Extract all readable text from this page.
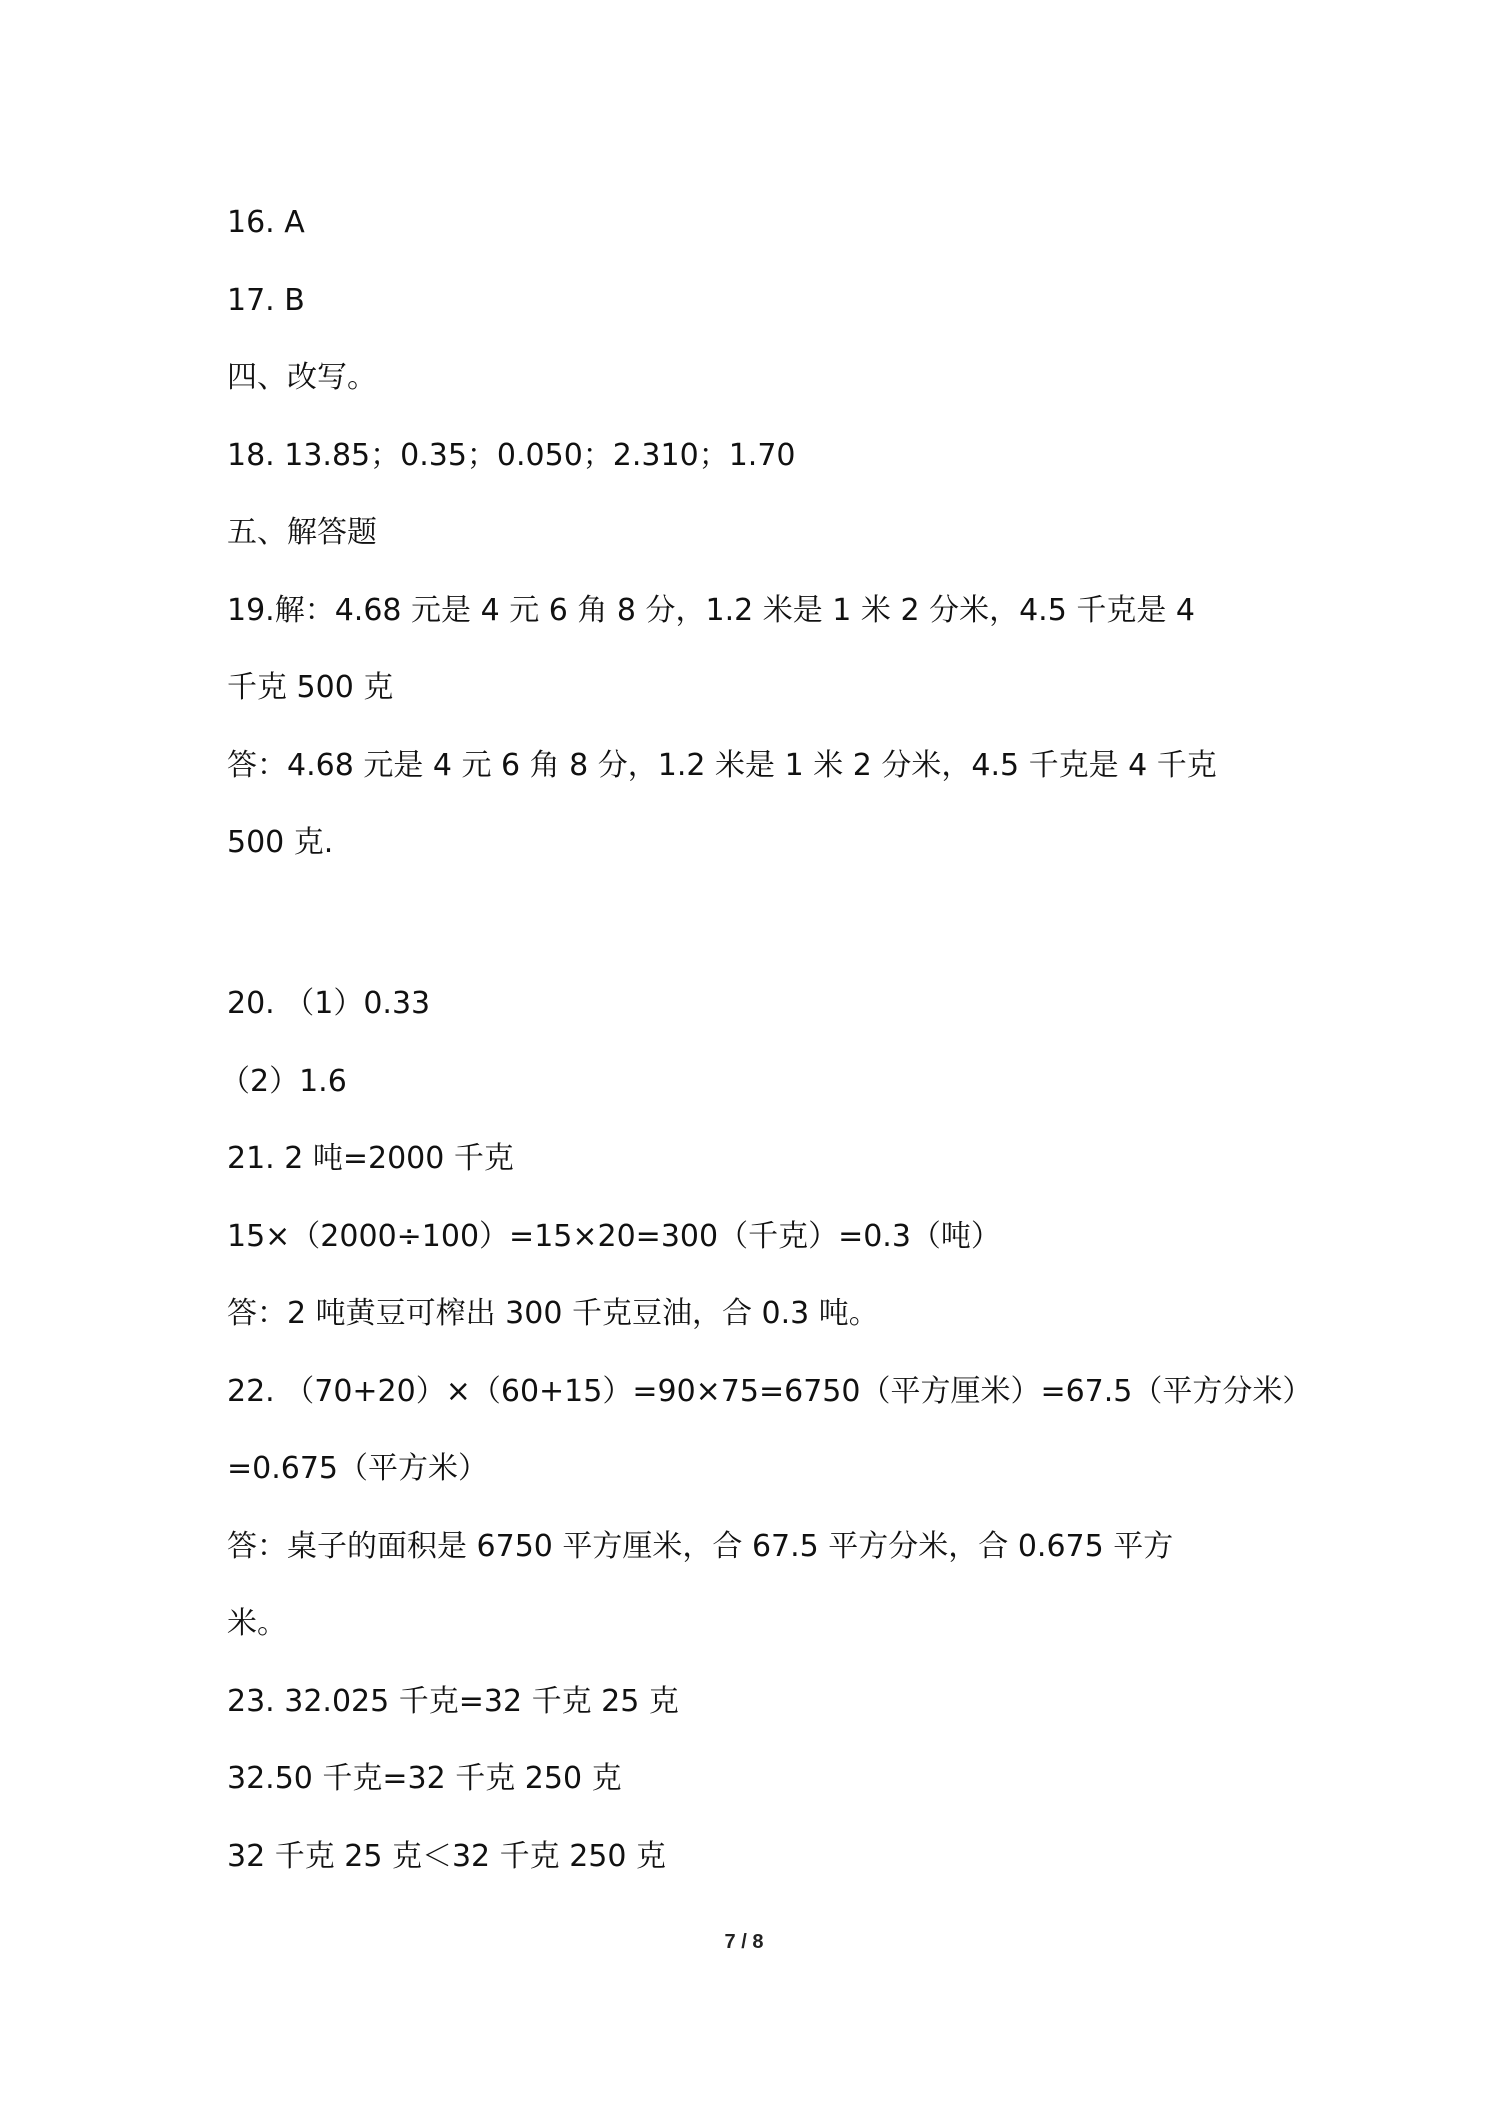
16. A
17. B
四、改写。
18. 13.85；0.35；0.050；2.310；1.70
五、解答题
19.解：4.68 元是 4 元 6 角 8 分，1.2 米是 1 米 2 分米，4.5 千克是 4
千克 500 克
答：4.68 元是 4 元 6 角 8 分，1.2 米是 1 米 2 分米，4.5 千克是 4 千克
500 克.
20. （1）0.33
（2）1.6
21. 2 吨=2000 千克
15×（2000÷100）=15×20=300（千克）=0.3（吨）
答：2 吨黄豆可榨出 300 千克豆油，合 0.3 吨。
22. （70+20）×（60+15）=90×75=6750（平方厘米）=67.5（平方分米）
=0.675（平方米）
答：桌子的面积是 6750 平方厘米，合 67.5 平方分米，合 0.675 平方
米。
23. 32.025 千克=32 千克 25 克
32.50 千克=32 千克 250 克
32 千克 25 克＜32 千克 250 克
7 / 8
